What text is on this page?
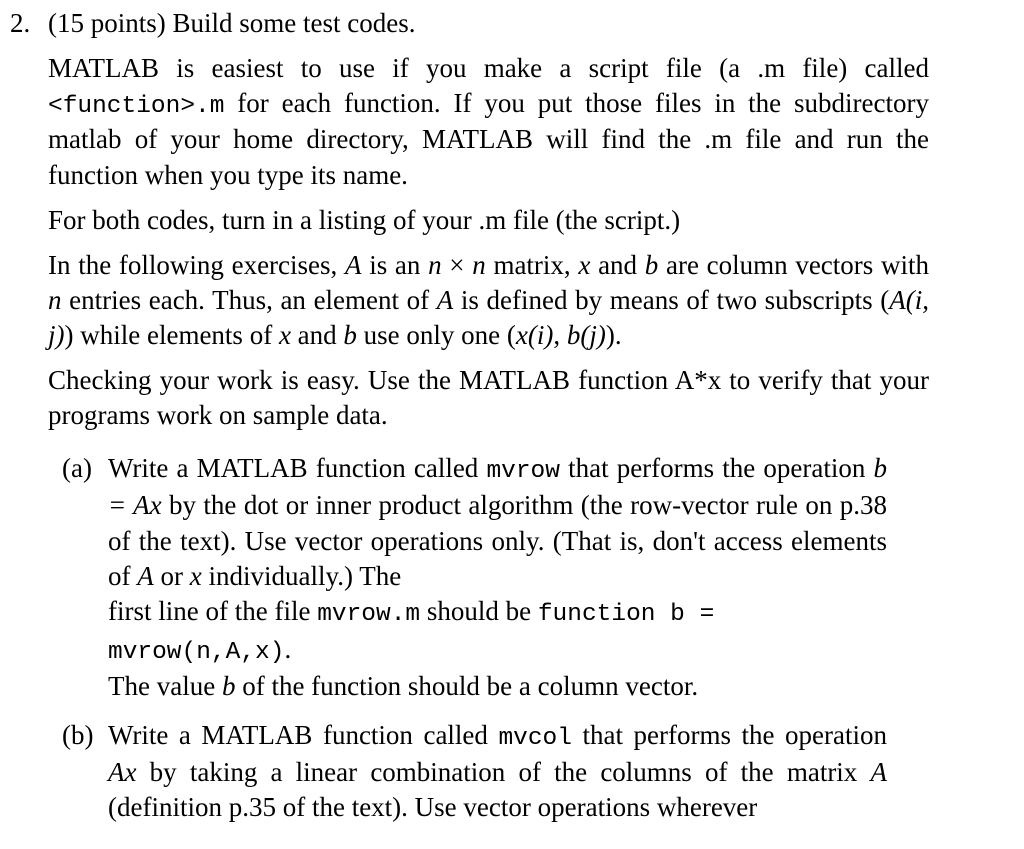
2. (15 points) Build some test codes.
MATLAB is easiest to use if you make a script file (a .m file) called <function>.m for each function. If you put those files in the subdirectory matlab of your home directory, MATLAB will find the .m file and run the function when you type its name.
For both codes, turn in a listing of your .m file (the script.)
In the following exercises, A is an n × n matrix, x and b are column vectors with n entries each. Thus, an element of A is defined by means of two subscripts (A(i, j)) while elements of x and b use only one (x(i), b(j)).
Checking your work is easy. Use the MATLAB function A*x to verify that your programs work on sample data.
(a) Write a MATLAB function called mvrow that performs the operation b = Ax by the dot or inner product algorithm (the row-vector rule on p.38 of the text). Use vector operations only. (That is, don't access elements of A or x individually.) The
first line of the file mvrow.m should be function b = mvrow(n,A,x).
The value b of the function should be a column vector.
(b) Write a MATLAB function called mvcol that performs the operation Ax by taking a linear combination of the columns of the matrix A (definition p.35 of the text). Use vector operations wherever
